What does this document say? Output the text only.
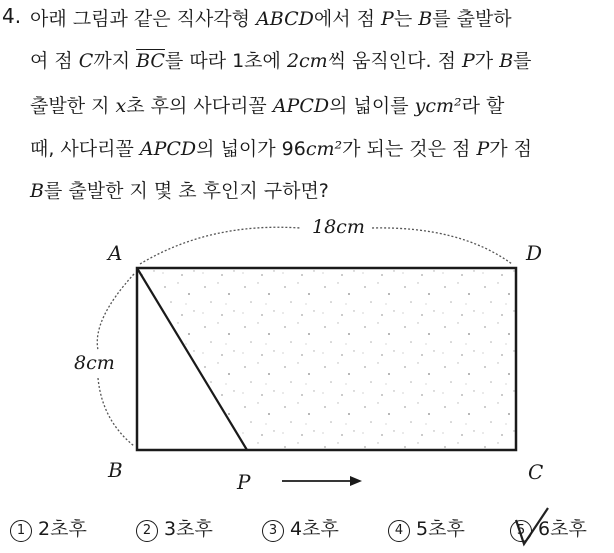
4. 아래 그림과 같은 직사각형 ABCD에서 점 P는 B를 출발하
여 점 C까지 $\overline{BC}$를 따라 1초에 2cm씩 움직인다. 점 P가 B를
출발한 지 x초 후의 사다리꼴 APCD의 넓이를 ycm²라 할
때, 사다리꼴 APCD의 넓이가 96cm²가 되는 것은 점 P가 점
B를 출발한 지 몇 초 후인지 구하면?
A	D
B	C
P
18cm
8cm
1 2초후	2 3초후	3 4초후	4 5초후	5 6초후
